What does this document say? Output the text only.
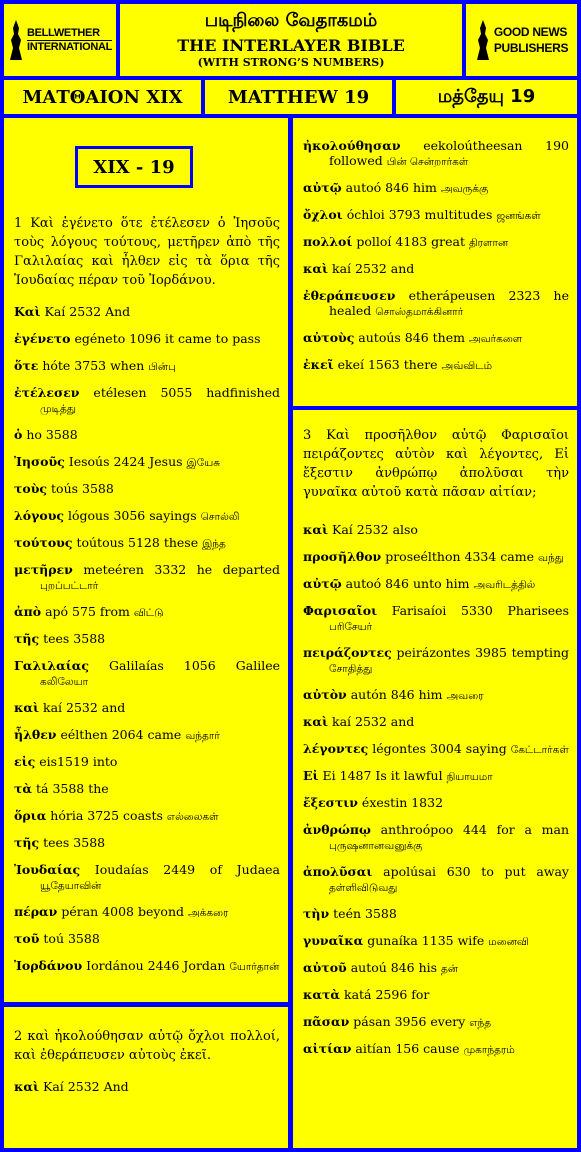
BELLWETHER
INTERNATIONAL
படிநிலை வேதாகமம்
THE INTERLAYER BIBLE
(WITH STRONG’S NUMBERS)
GOOD NEWS
PUBLISHERS
ΜΑΤΘΑΙΟΝ XIX	MATTHEW 19	மத்தேயு 19
XIX - 19
1 Καὶ ἐγένετο ὅτε ἐτέλεσεν ὁ Ἰησοῦς τοὺς λόγους τούτους, μετῆρεν ἀπὸ τῆς Γαλιλαίας καὶ ἦλθεν εἰς τὰ ὅρια τῆς Ἰουδαίας πέραν τοῦ Ἰορδάνου.
Καὶ Kaí 2532 And
ἐγένετο egéneto 1096 it came to pass
ὅτε hóte 3753 when பின்பு
ἐτέλεσεν etélesen 5055 hadfinished முடித்து
ὁ ho 3588
Ἰησοῦς Iesoús 2424 Jesus இயேசு
τοὺς toús 3588
λόγους lógous 3056 sayings சொல்லி
τούτους toútous 5128 these இந்த
μετῆρεν meteéren 3332 he departed புறப்பட்டார்
ἀπὸ apó 575 from விட்டு
τῆς tees 3588
Γαλιλαίας Galilaías 1056 Galilee கலிலேயா
καὶ kaí 2532 and
ἦλθεν eélthen 2064 came வந்தார்
εἰς eis1519 into
τὰ tá 3588 the
ὅρια hória 3725 coasts எல்லைகள்
τῆς tees 3588
Ἰουδαίας Ioudaías 2449 of Judaea யூதேயாவின்
πέραν péran 4008 beyond அக்கரை
τοῦ toú 3588
Ἰορδάνου Iordánou 2446 Jordan யோர்தான்
2 καὶ ἠκολούθησαν αὐτῷ ὄχλοι πολλοί, καὶ ἐθεράπευσεν αὐτοὺς ἐκεῖ.
καὶ Kaí 2532 And
ἠκολούθησαν eekoloútheesan 190 followed பின் சென்றார்கள்
αὐτῷ autoó 846 him அவருக்கு
ὄχλοι óchloi 3793 multitudes ஜனங்கள்
πολλοί polloí 4183 great திரளான
καὶ kaí 2532 and
ἐθεράπευσεν etherápeusen 2323 he healed சொஸ்தமாக்கினார்
αὐτοὺς autoús 846 them அவர்களை
ἐκεῖ ekeí 1563 there அவ்விடம்
3 Καὶ προσῆλθον αὐτῷ Φαρισαῖοι πειράζοντες αὐτὸν καὶ λέγοντες, Εἰ ἔξεστιν ἀνθρώπῳ ἀπολῦσαι τὴν γυναῖκα αὐτοῦ κατὰ πᾶσαν αἰτίαν;
καὶ Kaí 2532 also
προσῆλθον proseélthon 4334 came வந்து
αὐτῷ autoó 846 unto him அவரிடத்தில்
Φαρισαῖοι Farisaíoi 5330 Pharisees பரிசேயர்
πειράζοντες peirázontes 3985 tempting சோதித்து
αὐτὸν autón 846 him அவரை
καὶ kaí 2532 and
λέγοντες légontes 3004 saying கேட்டார்கள்
Εἰ Ei 1487 Is it lawful நியாயமா
ἔξεστιν éxestin 1832
ἀνθρώπῳ anthroópoo 444 for a man புருஷனானவனுக்கு
ἀπολῦσαι apolúsai 630 to put away தள்ளிவிடுவது
τὴν teén 3588
γυναῖκα gunaíka 1135 wife மனைவி
αὐτοῦ autoú 846 his தன்
κατὰ katá 2596 for
πᾶσαν pásan 3956 every எந்த
αἰτίαν aitían 156 cause முகாந்தரம்
